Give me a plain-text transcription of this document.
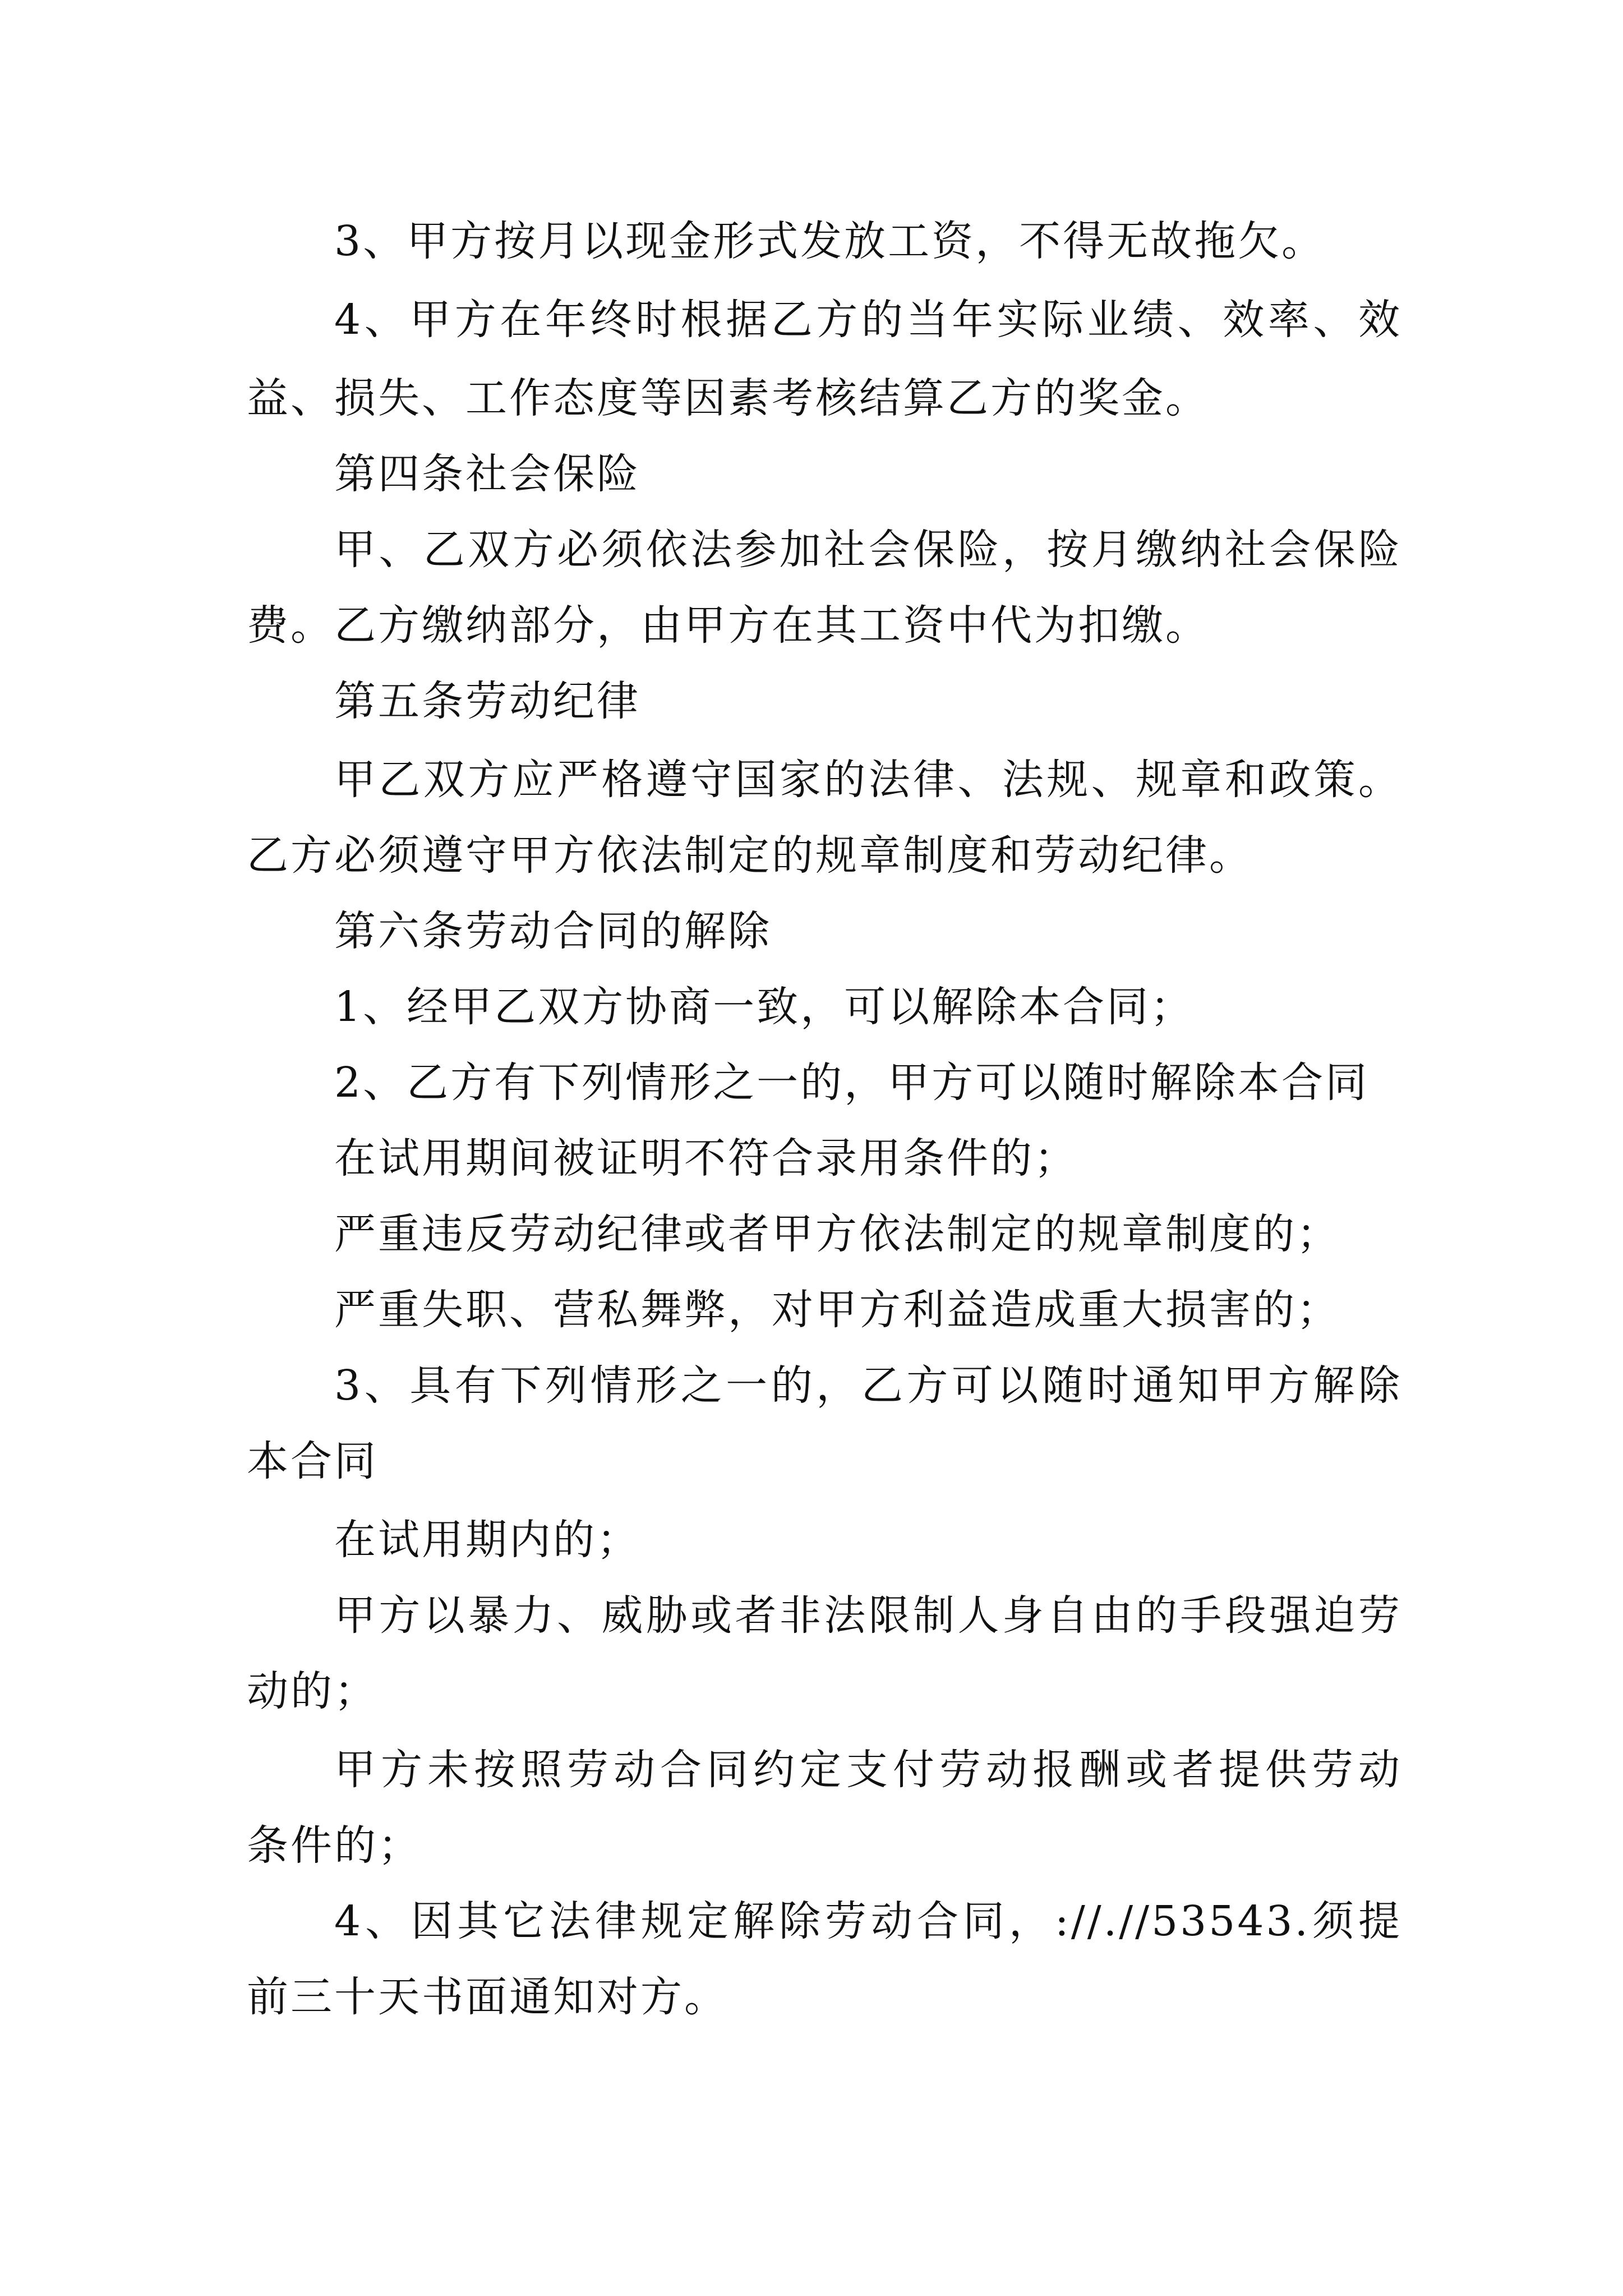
3、甲方按月以现金形式发放工资，不得无故拖欠。
4、甲方在年终时根据乙方的当年实际业绩、效率、效
益、损失、工作态度等因素考核结算乙方的奖金。
第四条社会保险
甲、乙双方必须依法参加社会保险，按月缴纳社会保险
费。乙方缴纳部分，由甲方在其工资中代为扣缴。
第五条劳动纪律
甲乙双方应严格遵守国家的法律、法规、规章和政策。
乙方必须遵守甲方依法制定的规章制度和劳动纪律。
第六条劳动合同的解除
1、经甲乙双方协商一致，可以解除本合同；
2、乙方有下列情形之一的，甲方可以随时解除本合同
在试用期间被证明不符合录用条件的；
严重违反劳动纪律或者甲方依法制定的规章制度的；
严重失职、营私舞弊，对甲方利益造成重大损害的；
3、具有下列情形之一的，乙方可以随时通知甲方解除
本合同
在试用期内的；
甲方以暴力、威胁或者非法限制人身自由的手段强迫劳
动的；
甲方未按照劳动合同约定支付劳动报酬或者提供劳动
条件的；
4、因其它法律规定解除劳动合同，://.//53543.须提
前三十天书面通知对方。
